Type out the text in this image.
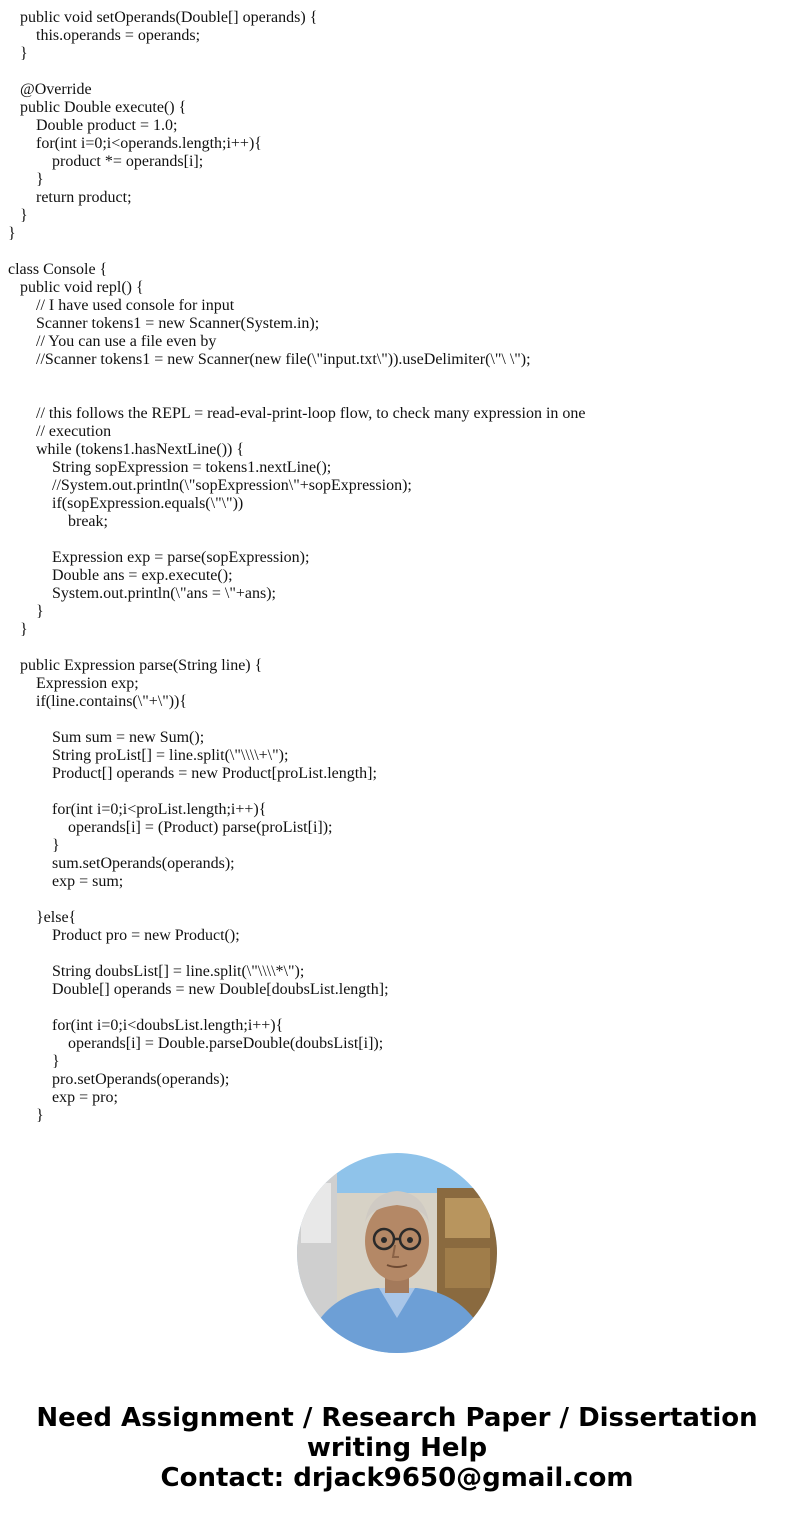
public void setOperands(Double[] operands) {
this.operands = operands;
}
@Override
public Double execute() {
Double product = 1.0;
for(int i=0;i<operands.length;i++){
product *= operands[i];
}
return product;
}
}
class Console {
public void repl() {
// I have used console for input
Scanner tokens1 = new Scanner(System.in);
// You can use a file even by
//Scanner tokens1 = new Scanner(new file(\"input.txt\")).useDelimiter(\"\ \");
// this follows the REPL = read-eval-print-loop flow, to check many expression in one
// execution
while (tokens1.hasNextLine()) {
String sopExpression = tokens1.nextLine();
//System.out.println(\"sopExpression\"+sopExpression);
if(sopExpression.equals(\"\"))
break;
Expression exp = parse(sopExpression);
Double ans = exp.execute();
System.out.println(\"ans = \"+ans);
}
}
public Expression parse(String line) {
Expression exp;
if(line.contains(\"+\")){
Sum sum = new Sum();
String proList[] = line.split(\"\\\\+\");
Product[] operands = new Product[proList.length];
for(int i=0;i<proList.length;i++){
operands[i] = (Product) parse(proList[i]);
}
sum.setOperands(operands);
exp = sum;
}else{
Product pro = new Product();
String doubsList[] = line.split(\"\\\\*\");
Double[] operands = new Double[doubsList.length];
for(int i=0;i<doubsList.length;i++){
operands[i] = Double.parseDouble(doubsList[i]);
}
pro.setOperands(operands);
exp = pro;
}
Need Assignment / Research Paper / Dissertation
writing Help
Contact: drjack9650@gmail.com
